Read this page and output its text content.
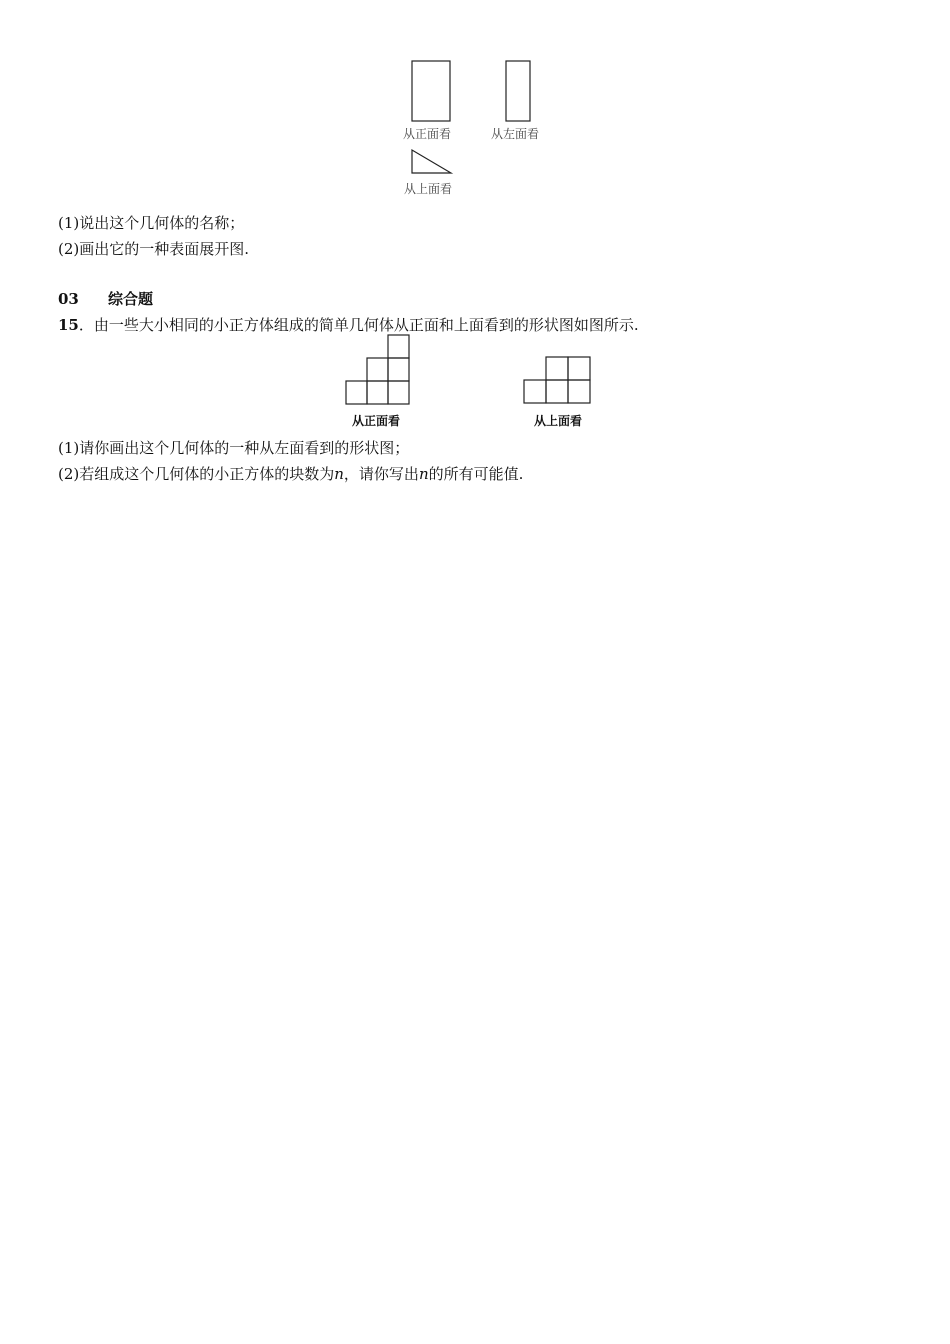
从正面看	从左面看
从上面看
(1)说出这个几何体的名称；
(2)画出它的一种表面展开图.
03 综合题
15．由一些大小相同的小正方体组成的简单几何体从正面和上面看到的形状图如图所示.
从正面看	从上面看
(1)请你画出这个几何体的一种从左面看到的形状图；
(2)若组成这个几何体的小正方体的块数为n，请你写出n的所有可能值.
